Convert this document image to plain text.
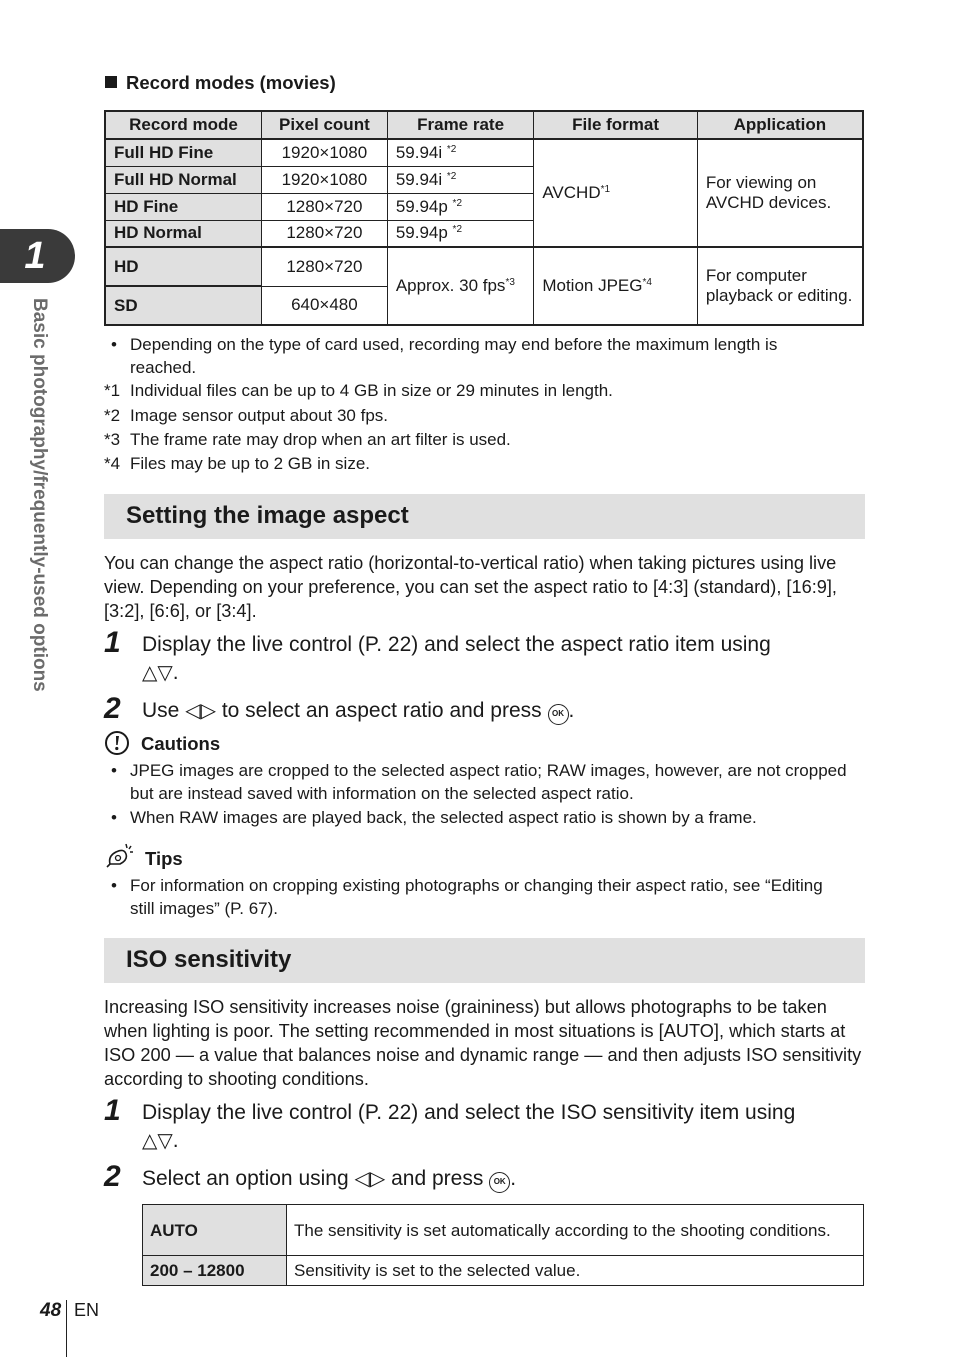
1
Basic photography/frequently-used options
Record modes (movies)
Record mode	Pixel count	Frame rate	File format	Application
Full HD Fine	1920×1080	59.94i $^{*2}$	AVCHD$^{*1}$	For viewing on AVCHD devices.
Full HD Normal	1920×1080	59.94i $^{*2}$
HD Fine	1280×720	59.94p $^{*2}$
HD Normal	1280×720	59.94p $^{*2}$
HD	1280×720	Approx. 30 fps$^{*3}$	Motion JPEG$^{*4}$	For computer playback or editing.
SD	640×480			
• Depending on the type of card used, recording may end before the maximum length is reached.
*1 Individual files can be up to 4 GB in size or 29 minutes in length.
*2 Image sensor output about 30 fps.
*3 The frame rate may drop when an art filter is used.
*4 Files may be up to 2 GB in size.
Setting the image aspect
You can change the aspect ratio (horizontal-to-vertical ratio) when taking pictures using live view. Depending on your preference, you can set the aspect ratio to [4:3] (standard), [16:9], [3:2], [6:6], or [3:4].
1 Display the live control (P. 22) and select the aspect ratio item using
△▽.
2 Use ◁▷ to select an aspect ratio and press OK .
Cautions
• JPEG images are cropped to the selected aspect ratio; RAW images, however, are not cropped but are instead saved with information on the selected aspect ratio.
• When RAW images are played back, the selected aspect ratio is shown by a frame.
Tips
• For information on cropping existing photographs or changing their aspect ratio, see “Editing still images” (P. 67).
ISO sensitivity
Increasing ISO sensitivity increases noise (graininess) but allows photographs to be taken when lighting is poor. The setting recommended in most situations is [AUTO], which starts at ISO 200 — a value that balances noise and dynamic range — and then adjusts ISO sensitivity according to shooting conditions.
1 Display the live control (P. 22) and select the ISO sensitivity item using
△▽.
2 Select an option using ◁▷ and press OK .
AUTO	The sensitivity is set automatically according to the shooting conditions.
200 – 12800	Sensitivity is set to the selected value.
48 EN
